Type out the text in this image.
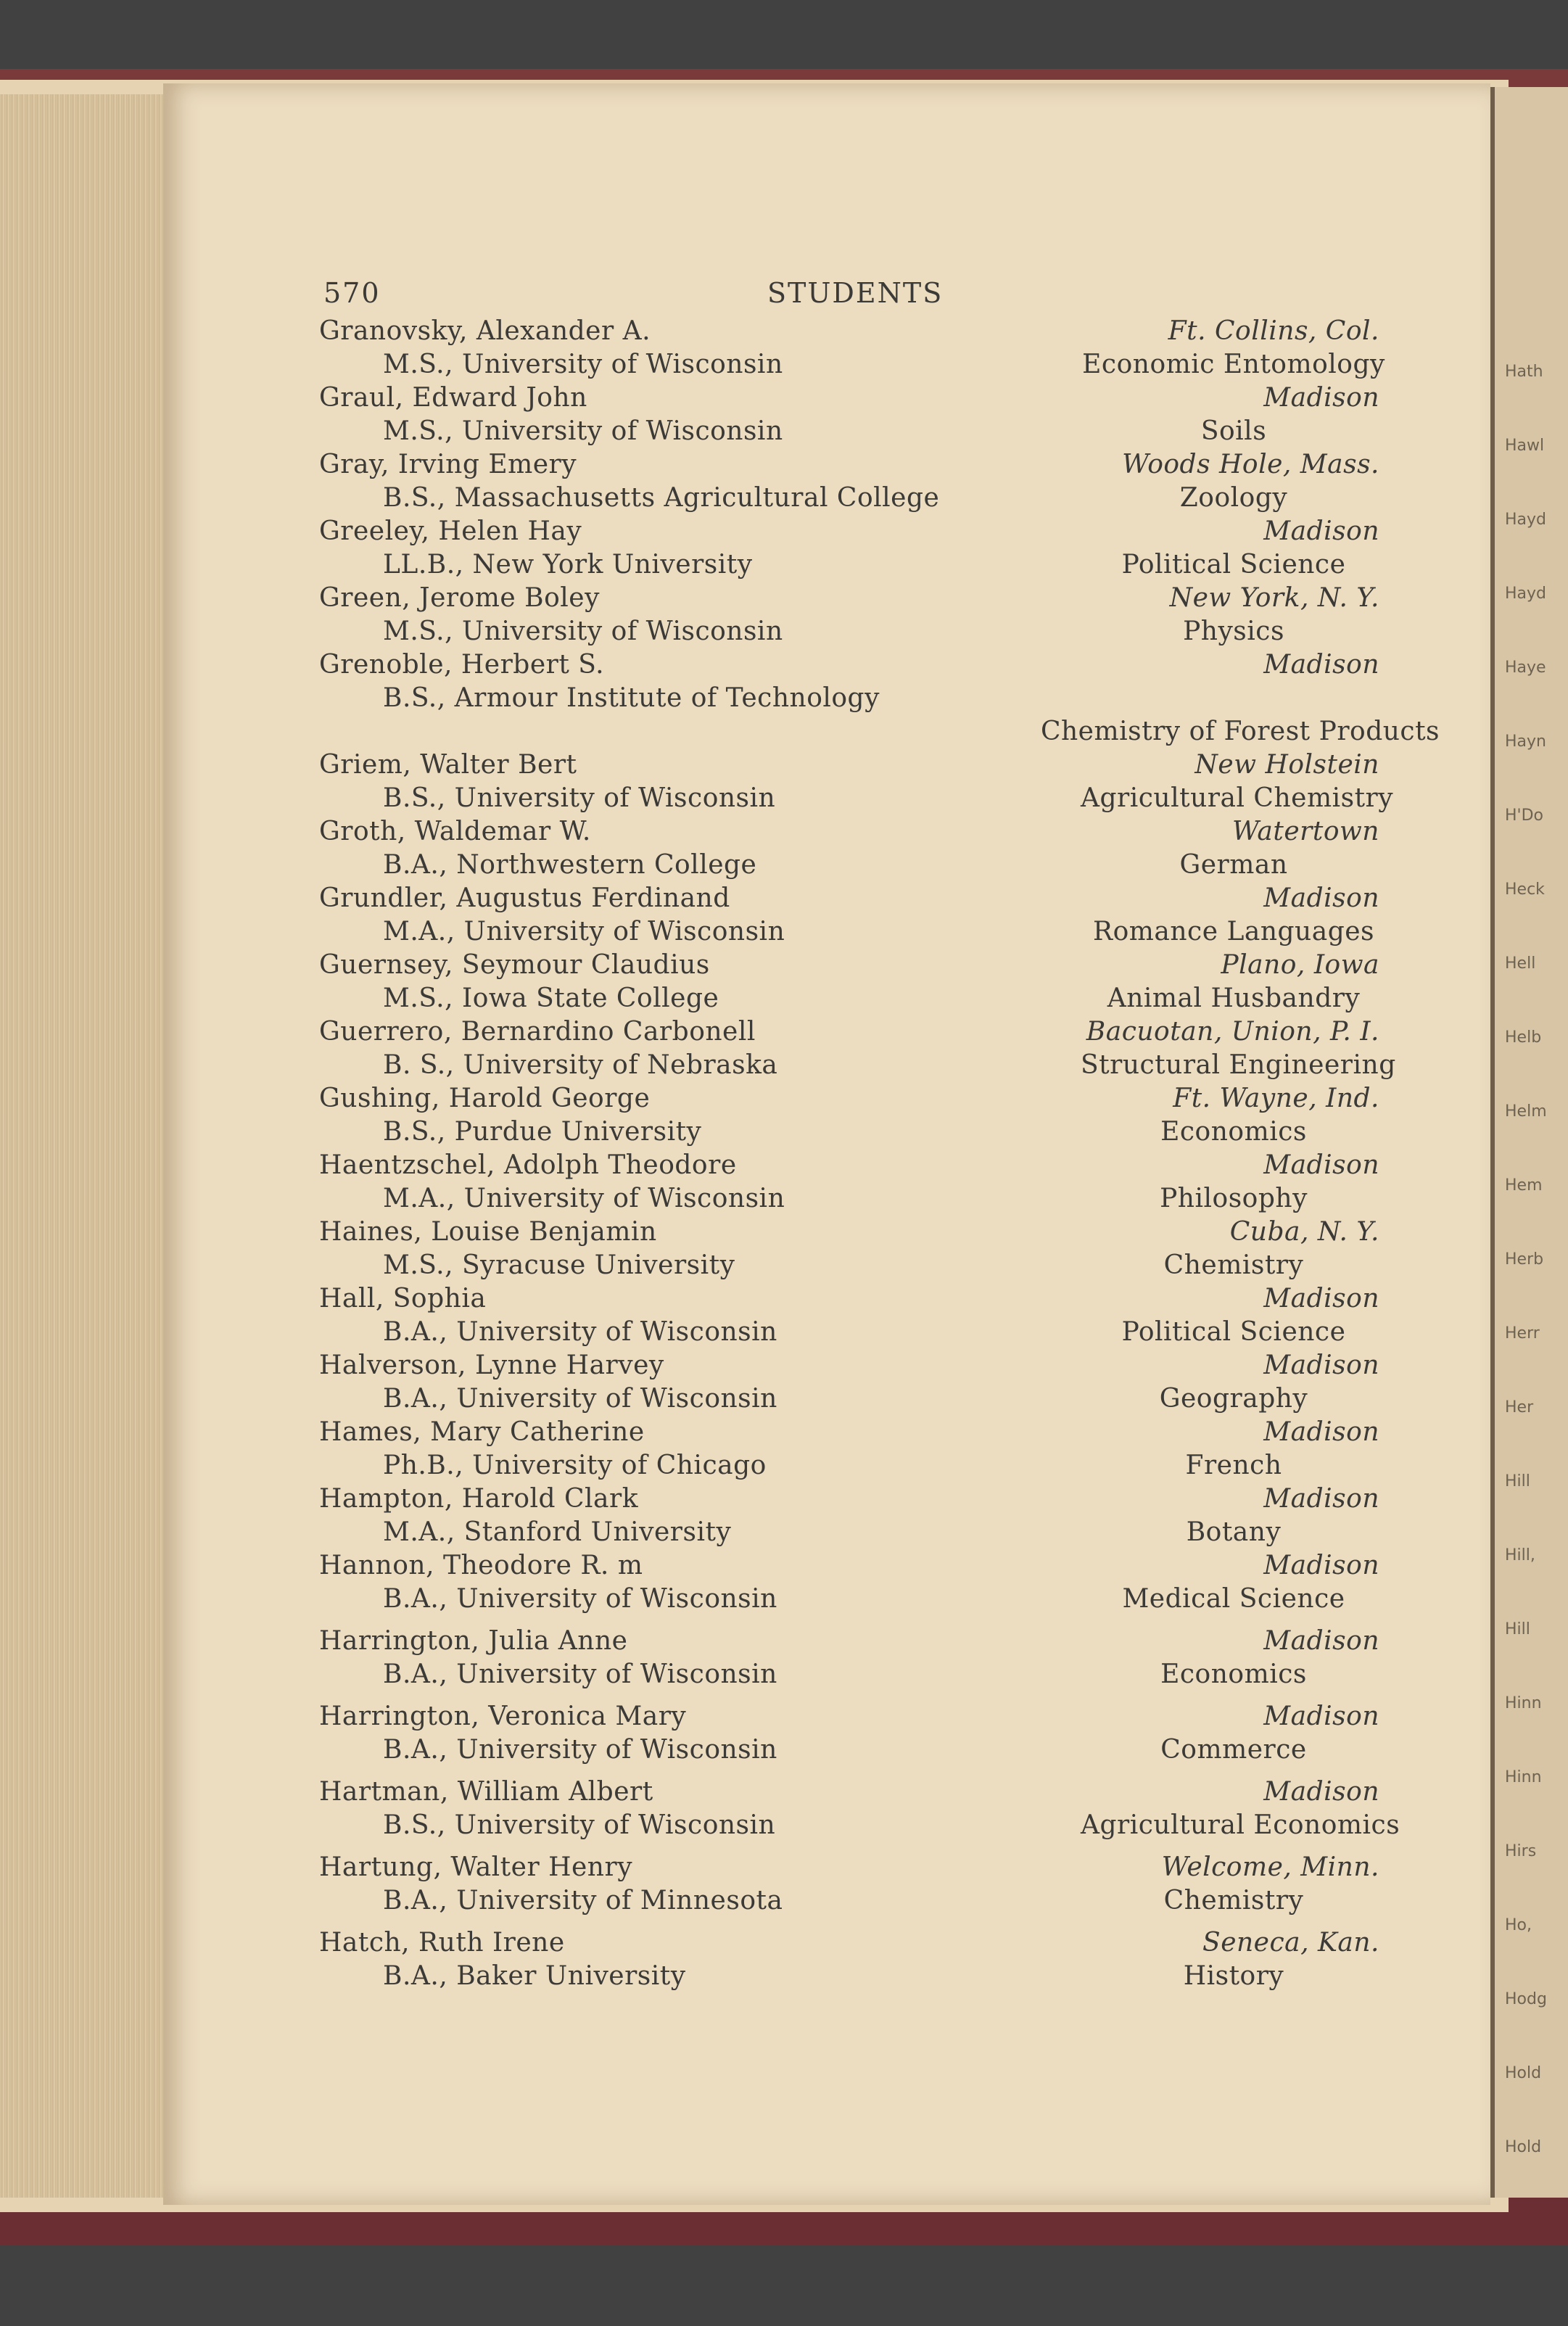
Hath
Hawl
Hayd
Hayd
Haye
Hayn
H'Do
Heck
Hell
Helb
Helm
Hem
Herb
Herr
Her
Hill
Hill,
Hill
Hinn
Hinn
Hirs
Ho,
Hodg
Hold
Hold
570	STUDENTS
Granovsky, Alexander A.	Ft. Collins, Col.
M.S., University of Wisconsin	Economic Entomology
Graul, Edward John	Madison
M.S., University of Wisconsin	Soils
Gray, Irving Emery	Woods Hole, Mass.
B.S., Massachusetts Agricultural College	Zoology
Greeley, Helen Hay	Madison
LL.B., New York University	Political Science
Green, Jerome Boley	New York, N. Y.
M.S., University of Wisconsin	Physics
Grenoble, Herbert S.	Madison
B.S., Armour Institute of Technology
Chemistry of Forest Products
Griem, Walter Bert	New Holstein
B.S., University of Wisconsin	Agricultural Chemistry
Groth, Waldemar W.	Watertown
B.A., Northwestern College	German
Grundler, Augustus Ferdinand	Madison
M.A., University of Wisconsin	Romance Languages
Guernsey, Seymour Claudius	Plano, Iowa
M.S., Iowa State College	Animal Husbandry
Guerrero, Bernardino Carbonell	Bacuotan, Union, P. I.
B. S., University of Nebraska	Structural Engineering
Gushing, Harold George	Ft. Wayne, Ind.
B.S., Purdue University	Economics
Haentzschel, Adolph Theodore	Madison
M.A., University of Wisconsin	Philosophy
Haines, Louise Benjamin	Cuba, N. Y.
M.S., Syracuse University	Chemistry
Hall, Sophia	Madison
B.A., University of Wisconsin	Political Science
Halverson, Lynne Harvey	Madison
B.A., University of Wisconsin	Geography
Hames, Mary Catherine	Madison
Ph.B., University of Chicago	French
Hampton, Harold Clark	Madison
M.A., Stanford University	Botany
Hannon, Theodore R. m	Madison
B.A., University of Wisconsin	Medical Science
Harrington, Julia Anne	Madison
B.A., University of Wisconsin	Economics
Harrington, Veronica Mary	Madison
B.A., University of Wisconsin	Commerce
Hartman, William Albert	Madison
B.S., University of Wisconsin	Agricultural Economics
Hartung, Walter Henry	Welcome, Minn.
B.A., University of Minnesota	Chemistry
Hatch, Ruth Irene	Seneca, Kan.
B.A., Baker University	History
